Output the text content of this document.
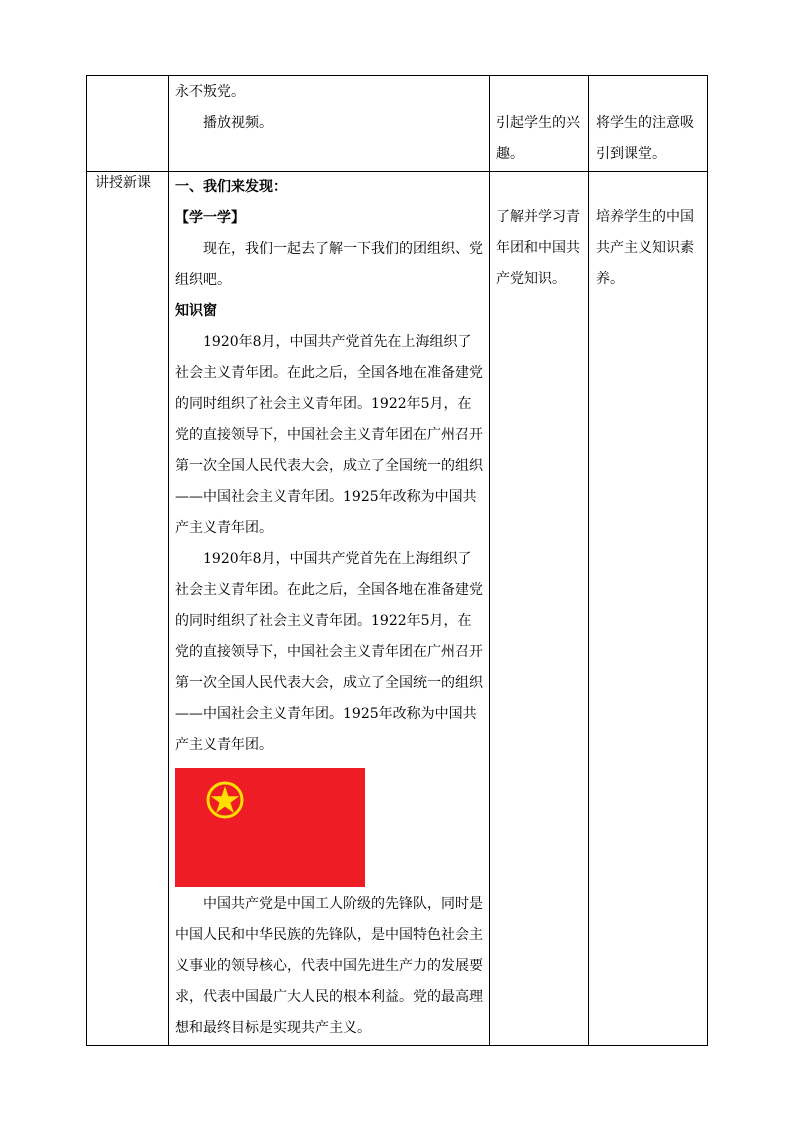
永不叛党。

播放视频。	引起学生的兴趣。
将学生的注意吸引到课堂。
讲授新课	一、我们来发现：

【学一学】

现在，我们一起去了解一下我们的团组织、党组织吧。

知识窗

1920年8月，中国共产党首先在上海组织了社会主义青年团。在此之后，全国各地在准备建党的同时组织了社会主义青年团。1922年5月，在党的直接领导下，中国社会主义青年团在广州召开第一次全国人民代表大会，成立了全国统一的组织——中国社会主义青年团。1925年改称为中国共产主义青年团。

1920年8月，中国共产党首先在上海组织了社会主义青年团。在此之后，全国各地在准备建党的同时组织了社会主义青年团。1922年5月，在党的直接领导下，中国社会主义青年团在广州召开第一次全国人民代表大会，成立了全国统一的组织——中国社会主义青年团。1925年改称为中国共产主义青年团。

中国共产党是中国工人阶级的先锋队，同时是中国人民和中华民族的先锋队，是中国特色社会主义事业的领导核心，代表中国先进生产力的发展要求，代表中国最广大人民的根本利益。党的最高理想和最终目标是实现共产主义。

了解并学习青年团和中国共产党知识。
培养学生的中国共产主义知识素养。
